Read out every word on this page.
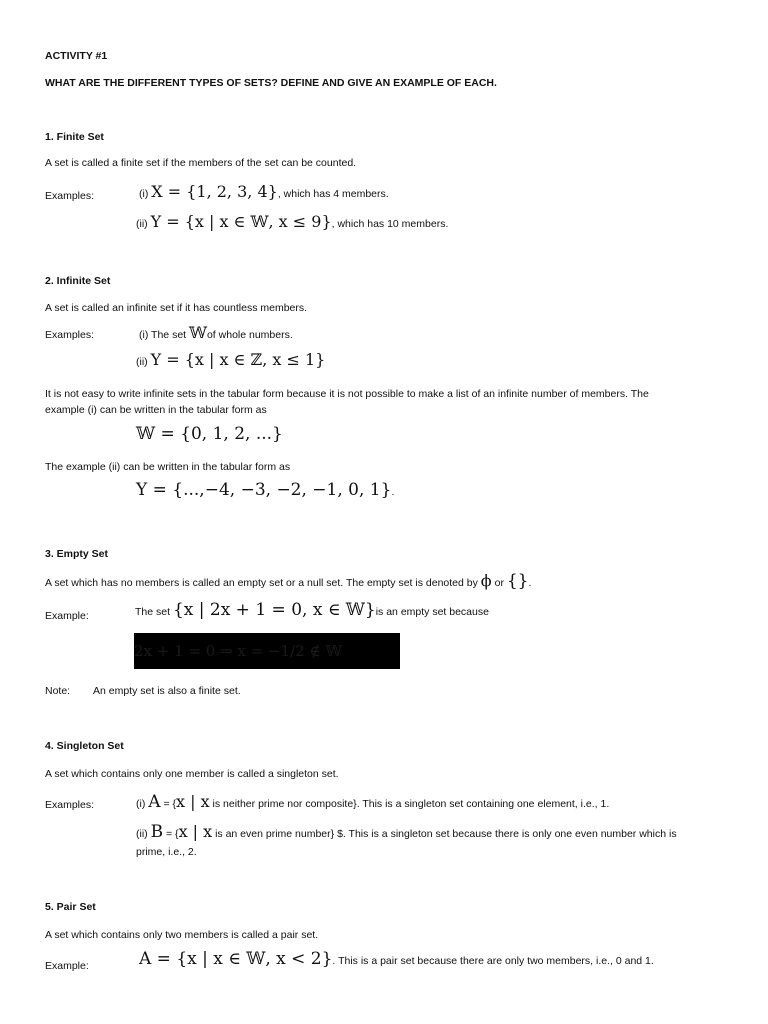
ACTIVITY #1
WHAT ARE THE DIFFERENT TYPES OF SETS? DEFINE AND GIVE AN EXAMPLE OF EACH.
1. Finite Set
A set is called a finite set if the members of the set can be counted.
Examples:	(i) X = {1, 2, 3, 4}, which has 4 members.
(ii) Y = {x | x ∈ 𝕎, x ≤ 9}, which has 10 members.
2. Infinite Set
A set is called an infinite set if it has countless members.
Examples:	(i) The set 𝕎of whole numbers.
(ii) Y = {x | x ∈ ℤ, x ≤ 1}
It is not easy to write infinite sets in the tabular form because it is not possible to make a list of an infinite number of members. The
example (i) can be written in the tabular form as
𝕎 = {0, 1, 2, ...}
The example (ii) can be written in the tabular form as
Y = {...,−4, −3, −2, −1, 0, 1}.
3. Empty Set
A set which has no members is called an empty set or a null set. The empty set is denoted by ϕ or {}.
Example:	The set {x | 2x + 1 = 0, x ∈ 𝕎}is an empty set because
2x + 1 = 0 ⇒ x = −1/2 ∉ 𝕎
Note: An empty set is also a finite set.
4. Singleton Set
A set which contains only one member is called a singleton set.
Examples:	(i) A = {x | x is neither prime nor composite}. This is a singleton set containing one element, i.e., 1.
(ii) B = {x | x is an even prime number} $. This is a singleton set because there is only one even number which is
prime, i.e., 2.
5. Pair Set
A set which contains only two members is called a pair set.
Example:	A = {x | x ∈ 𝕎, x < 2}. This is a pair set because there are only two members, i.e., 0 and 1.
